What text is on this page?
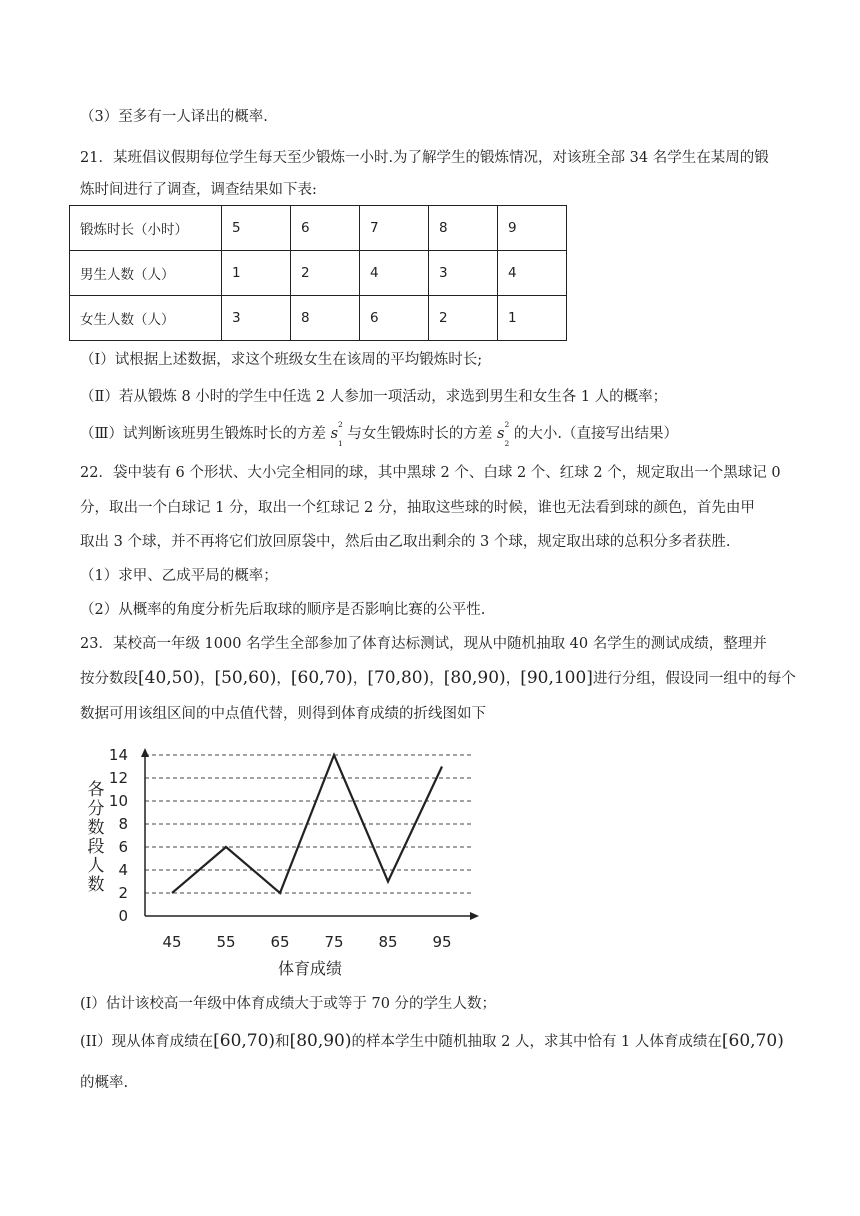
（3）至多有一人译出的概率.
21．某班倡议假期每位学生每天至少锻炼一小时.为了解学生的锻炼情况，对该班全部 34 名学生在某周的锻
炼时间进行了调查，调查结果如下表:
锻炼时长（小时）	5	6	7	8	9
男生人数（人）	1	2	4	3	4
女生人数（人）	3	8	6	2	1
（Ⅰ）试根据上述数据，求这个班级女生在该周的平均锻炼时长;
（Ⅱ）若从锻炼 8 小时的学生中任选 2 人参加一项活动，求选到男生和女生各 1 人的概率；
（Ⅲ）试判断该班男生锻炼时长的方差 s
2
$_1$ 与女生锻炼时长的方差 s
2
$_2$ 的大小.（直接写出结果）
22．袋中装有 6 个形状、大小完全相同的球，其中黑球 2 个、白球 2 个、红球 2 个，规定取出一个黑球记 0
分，取出一个白球记 1 分，取出一个红球记 2 分，抽取这些球的时候，谁也无法看到球的颜色，首先由甲
取出 3 个球，并不再将它们放回原袋中，然后由乙取出剩余的 3 个球，规定取出球的总积分多者获胜.
（1）求甲、乙成平局的概率；
（2）从概率的角度分析先后取球的顺序是否影响比赛的公平性.
23．某校高一年级 1000 名学生全部参加了体育达标测试，现从中随机抽取 40 名学生的测试成绩，整理并
按分数段[40,50)，[50,60)，[60,70)，[70,80)，[80,90)，[90,100]进行分组，假设同一组中的每个
数据可用该组区间的中点值代替，则得到体育成绩的折线图如下
0
2
4
6
8
10
12
14
45 55 65 75 85 95
各分数段人数
体育成绩
(I）估计该校高一年级中体育成绩大于或等于 70 分的学生人数；
(II）现从体育成绩在[60,70)和[80,90)的样本学生中随机抽取 2 人，求其中恰有 1 人体育成绩在[60,70)
的概率.
